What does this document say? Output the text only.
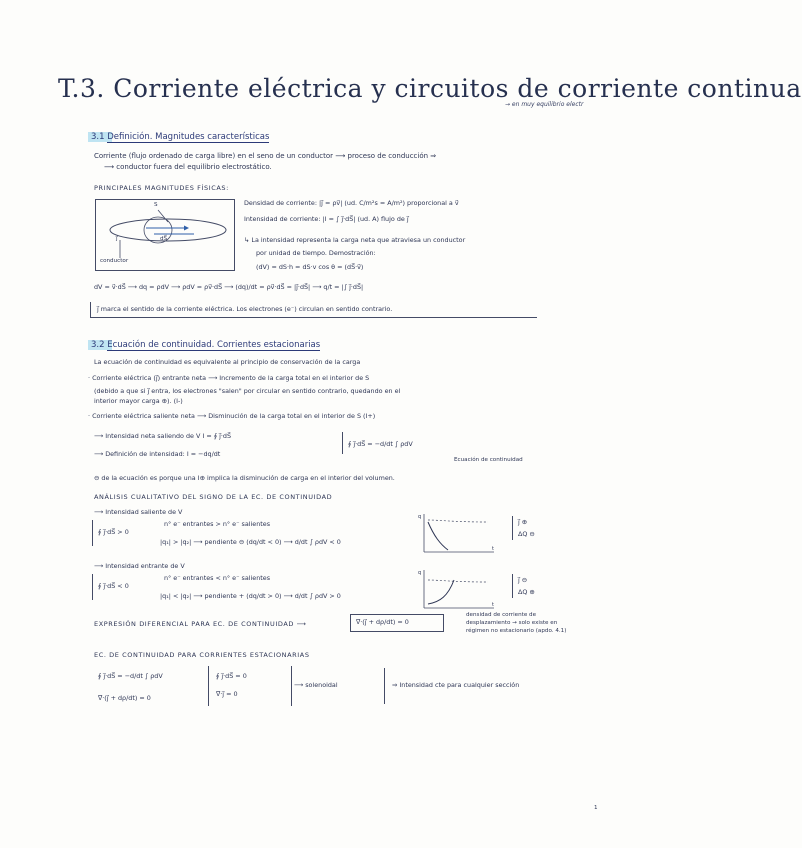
T.3. Corriente eléctrica y circuitos de corriente continua
→ en muy equilibrio electr
3.1 Definición. Magnitudes características
Corriente (flujo ordenado de carga libre) en el seno de un conductor ⟶ proceso de conducción ⇒
⟶ conductor fuera del equilibrio electrostático.
PRINCIPALES MAGNITUDES FÍSICAS:
S
j⃗	dS⃗
conductor
Densidad de corriente: |j⃗ = ρv⃗| (ud. C/m²s = A/m²) proporcional a v⃗
Intensidad de corriente: |I = ∫ j⃗·dS⃗| (ud. A) flujo de j⃗
↳ La intensidad representa la carga neta que atraviesa un conductor
por unidad de tiempo. Demostración:
(dV) = dS·h = dS·v cos θ = (dS⃗·v⃗)
dV = v⃗·dS⃗ ⟶ dq = ρdV ⟶ ρdV = ρv⃗·dS⃗ ⟶ (dq)/dt = ρv⃗·dS⃗ = |j⃗·dS⃗| ⟶ q/t = |∫ j⃗·dS⃗|
j⃗ marca el sentido de la corriente eléctrica. Los electrones (e⁻) circulan en sentido contrario.
3.2 Ecuación de continuidad. Corrientes estacionarias
La ecuación de continuidad es equivalente al principio de conservación de la carga
· Corriente eléctrica (j⃗) entrante neta ⟶ Incremento de la carga total en el interior de S
(debido a que si j⃗ entra, los electrones "salen" por circular en sentido contrario, quedando en el
interior mayor carga ⊕). (I-)
· Corriente eléctrica saliente neta ⟶ Disminución de la carga total en el interior de S (I+)
⟶ Intensidad neta saliendo de V I = ∮ j⃗·dS⃗
⟶ Definición de intensidad: I = −dq/dt
∮ j⃗·dS⃗ = −d/dt ∫ ρdV
Ecuación de continuidad
⊖ de la ecuación es porque una I⊕ implica la disminución de carga en el interior del volumen.
ANÁLISIS CUALITATIVO DEL SIGNO DE LA EC. DE CONTINUIDAD
⟶ Intensidad saliente de V
n° e⁻ entrantes > n° e⁻ salientes
∮ j⃗·dS⃗ > 0
|q₁| > |q₂| ⟶ pendiente ⊖ (dq/dt < 0) ⟶ d/dt ∫ ρdV < 0
q
t
j⃗ ⊕
ΔQ ⊖
⟶ Intensidad entrante de V
n° e⁻ entrantes < n° e⁻ salientes
∮ j⃗·dS⃗ < 0
|q₁| < |q₂| ⟶ pendiente + (dq/dt > 0) ⟶ d/dt ∫ ρdV > 0
q
t
j⃗ ⊖
ΔQ ⊕
EXPRESIÓN DIFERENCIAL PARA EC. DE CONTINUIDAD ⟶	∇⃗·(j⃗ + dρ/dt) = 0
densidad de corriente de
desplazamiento → solo existe en
régimen no estacionario (apdo. 4.1)
EC. DE CONTINUIDAD PARA CORRIENTES ESTACIONARIAS
∮ j⃗·dS⃗ = −d/dt ∫ ρdV
∇⃗·(j⃗ + dρ/dt) = 0
∮ j⃗·dS⃗ = 0
∇⃗·j⃗ = 0
⟶ solenoidal	⇒ Intensidad cte para cualquier sección
1
